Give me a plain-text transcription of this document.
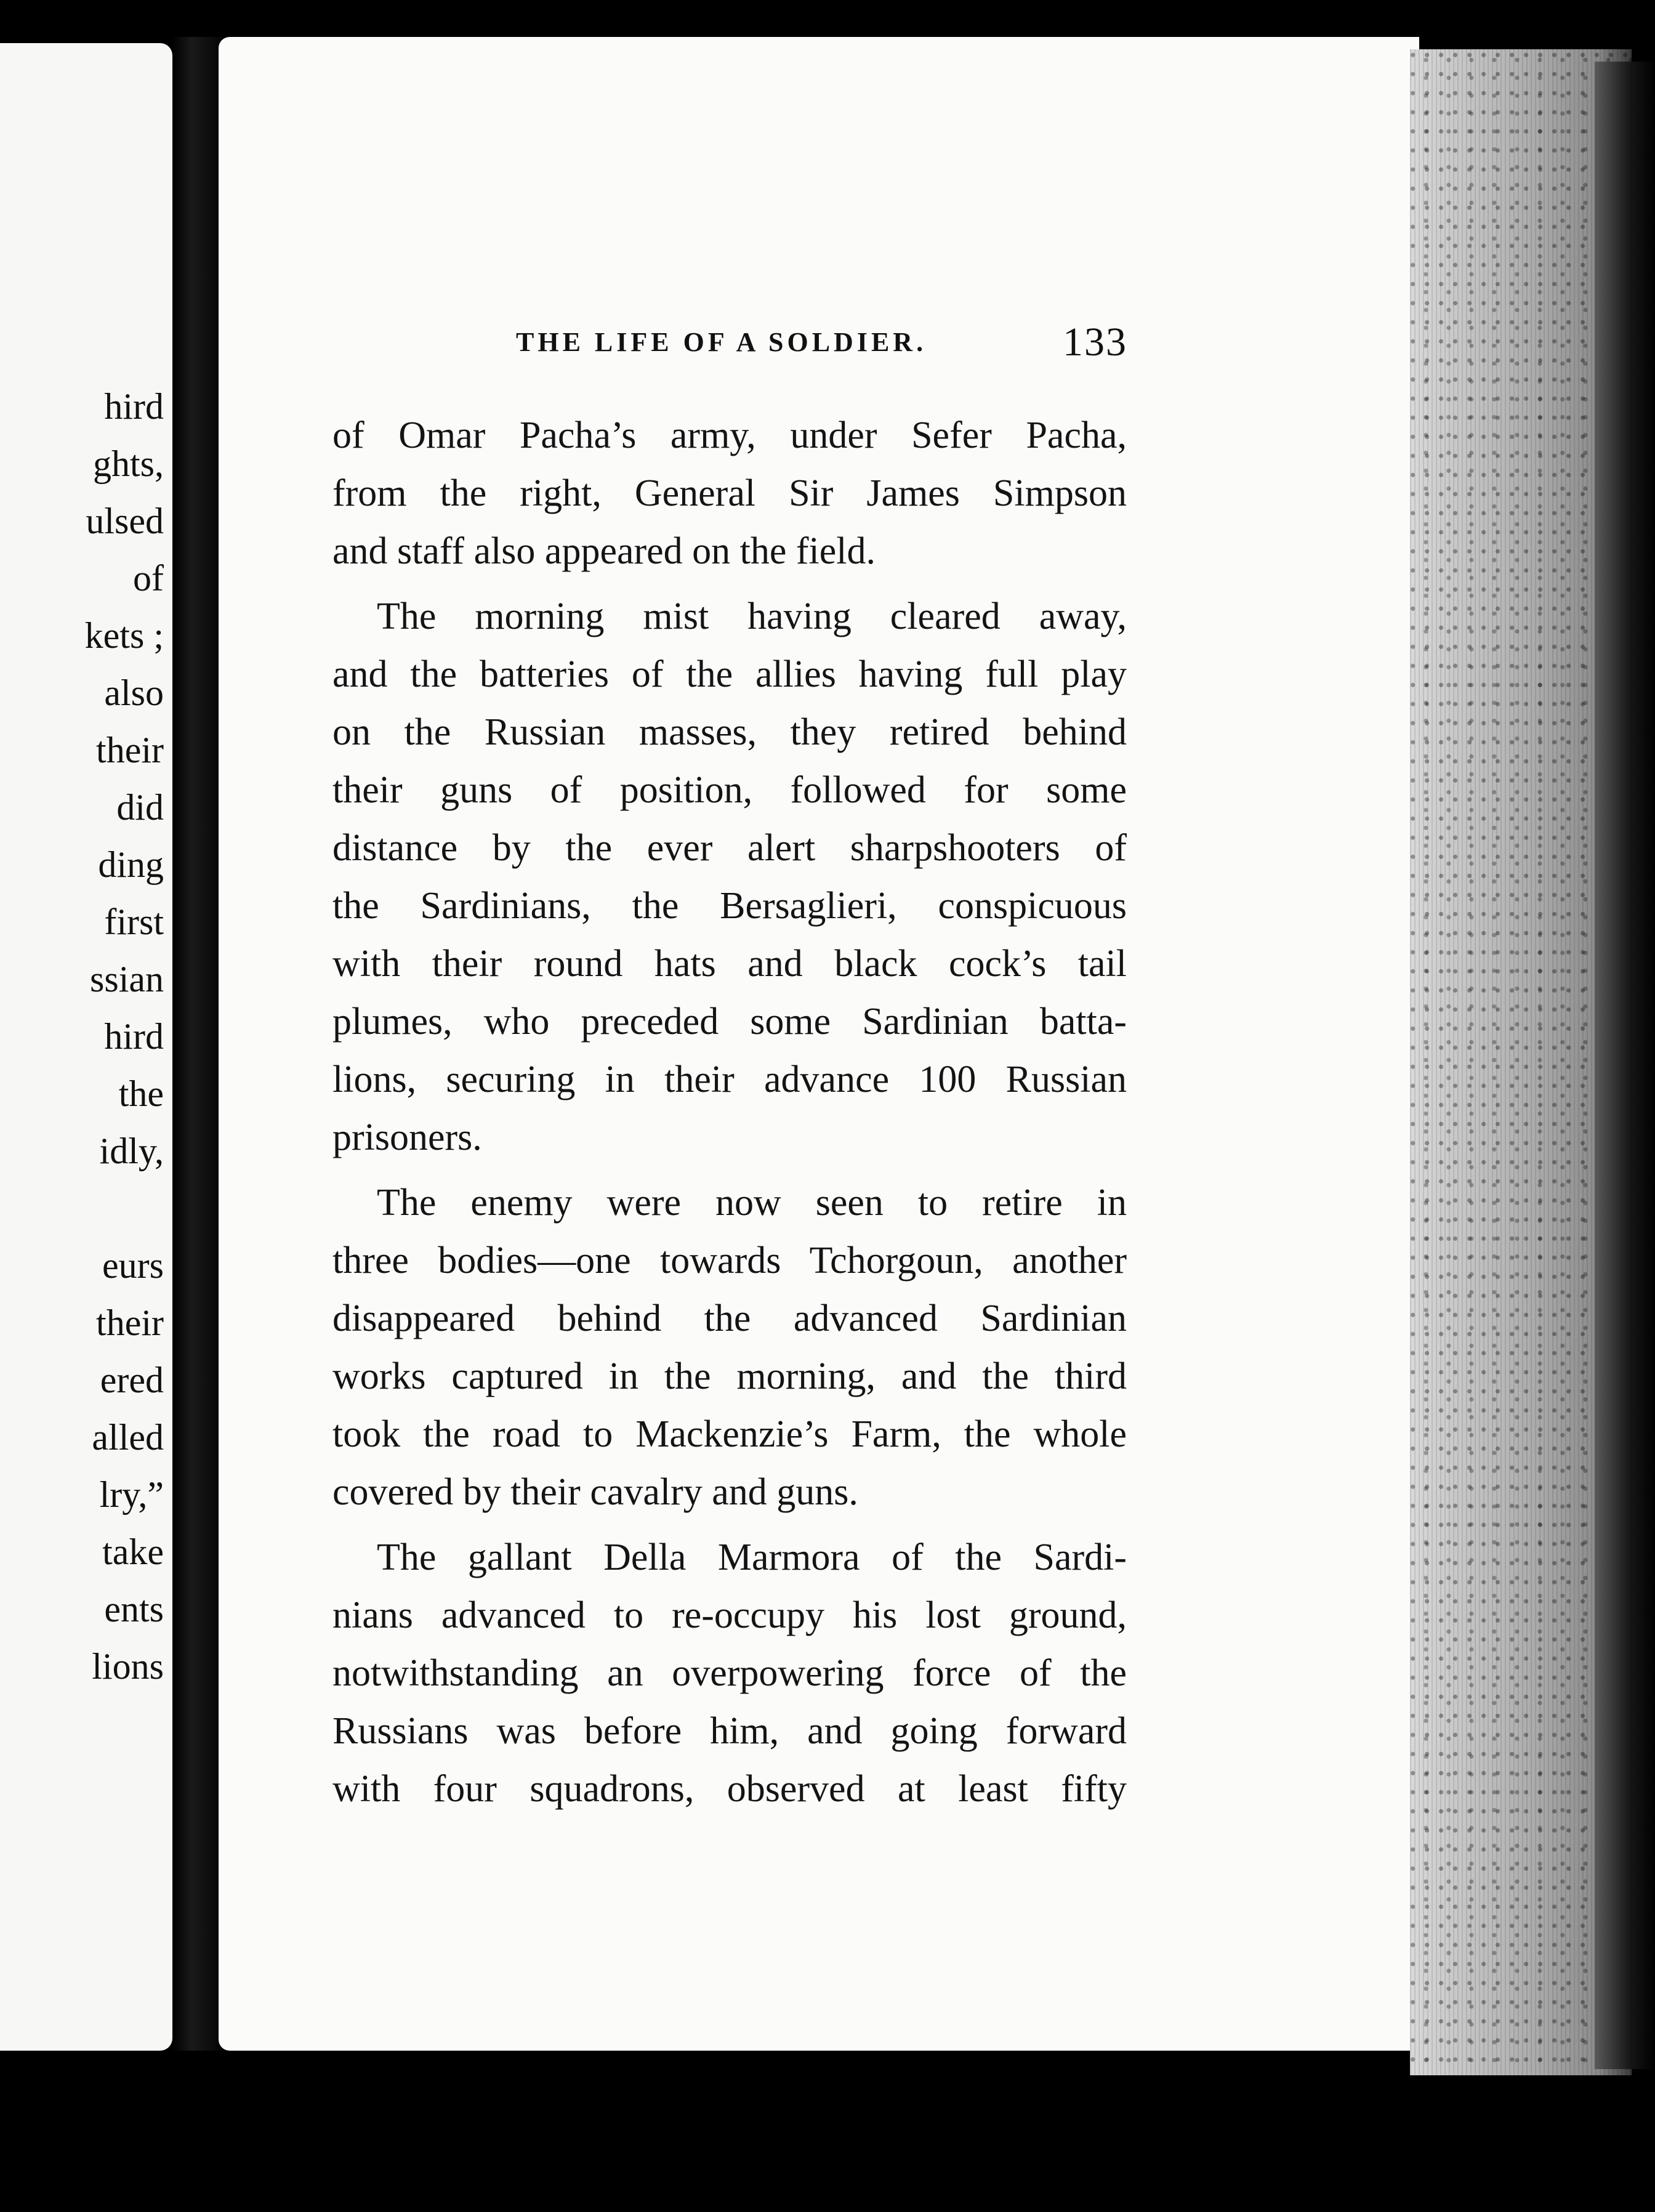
hird
ghts,
ulsed
of
kets ;
also
their
did
ding
first
ssian
hird
the
idly,
eurs
their
ered
alled
lry,”
take
ents
lions
THE LIFE OF A SOLDIER.	133
of Omar Pacha’s army, under Sefer Pacha,
from the right, General Sir James Simpson
and staff also appeared on the field.
The morning mist having cleared away,
and the batteries of the allies having full play
on the Russian masses, they retired behind
their guns of position, followed for some
distance by the ever alert sharpshooters of
the Sardinians, the Bersaglieri, conspicuous
with their round hats and black cock’s tail
plumes, who preceded some Sardinian batta-
lions, securing in their advance 100 Russian
prisoners.
The enemy were now seen to retire in
three bodies—one towards Tchorgoun, another
disappeared behind the advanced Sardinian
works captured in the morning, and the third
took the road to Mackenzie’s Farm, the whole
covered by their cavalry and guns.
The gallant Della Marmora of the Sardi-
nians advanced to re-occupy his lost ground,
notwithstanding an overpowering force of the
Russians was before him, and going forward
with four squadrons, observed at least fifty
